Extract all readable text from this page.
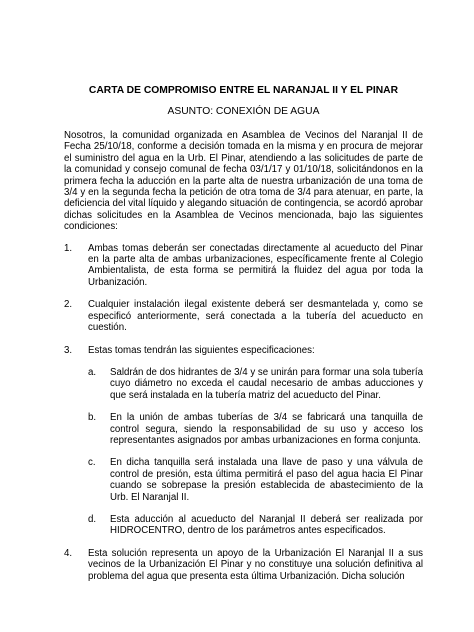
CARTA DE COMPROMISO ENTRE EL NARANJAL II Y EL PINAR
ASUNTO: CONEXIÓN DE AGUA

Nosotros, la comunidad organizada en Asamblea de Vecinos del Naranjal II de Fecha 25/10/18, conforme a decisión tomada en la misma y en procura de mejorar el suministro del agua en la Urb. El Pinar, atendiendo a las solicitudes de parte de la comunidad y consejo comunal de fecha 03/1/17 y 01/10/18, solicitándonos en la primera fecha la aducción en la parte alta de nuestra urbanización de una toma de 3/4 y en la segunda fecha la petición de otra toma de 3/4 para atenuar, en parte, la deficiencia del vital líquido y alegando situación de contingencia, se acordó aprobar dichas solicitudes en la Asamblea de Vecinos mencionada, bajo las siguientes condiciones:

1. Ambas tomas deberán ser conectadas directamente al acueducto del Pinar en la parte alta de ambas urbanizaciones, específicamente frente al Colegio Ambientalista, de esta forma se permitirá la fluidez del agua por toda la Urbanización.
2. Cualquier instalación ilegal existente deberá ser desmantelada y, como se especificó anteriormente, será conectada a la tubería del acueducto en cuestión.
3. Estas tomas tendrán las siguientes especificaciones:
a. Saldrán de dos hidrantes de 3/4 y se unirán para formar una sola tubería cuyo diámetro no exceda el caudal necesario de ambas aducciones y que será instalada en la tubería matriz del acueducto del Pinar.
b. En la unión de ambas tuberías de 3/4 se fabricará una tanquilla de control segura, siendo la responsabilidad de su uso y acceso los representantes asignados por ambas urbanizaciones en forma conjunta.
c. En dicha tanquilla será instalada una llave de paso y una válvula de control de presión, esta última permitirá el paso del agua hacia El Pinar cuando se sobrepase la presión establecida de abastecimiento de la Urb. El Naranjal II.
d. Esta aducción al acueducto del Naranjal II deberá ser realizada por HIDROCENTRO, dentro de los parámetros antes especificados.
4. Esta solución representa un apoyo de la Urbanización El Naranjal II a sus vecinos de la Urbanización El Pinar y no constituye una solución definitiva al problema del agua que presenta esta última Urbanización. Dicha solución
